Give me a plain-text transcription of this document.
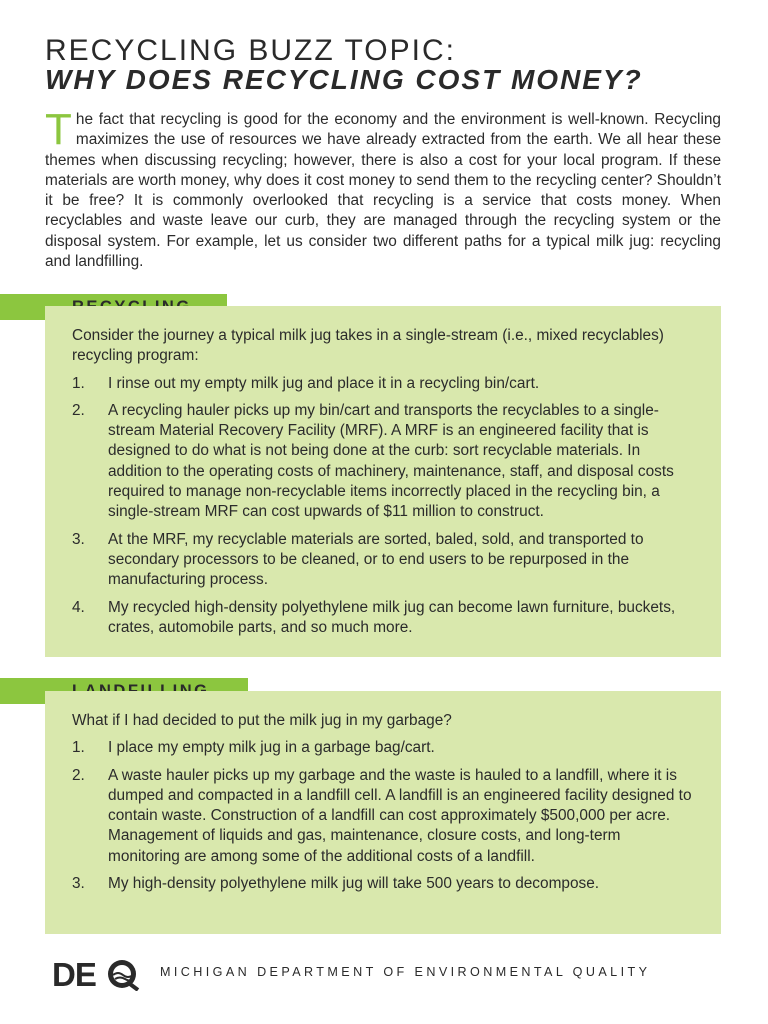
RECYCLING BUZZ TOPIC:
WHY DOES RECYCLING COST MONEY?

The fact that recycling is good for the economy and the environment is well-known. Recycling maximizes the use of resources we have already extracted from the earth. We all hear these themes when discussing recycling; however, there is also a cost for your local program. If these materials are worth money, why does it cost money to send them to the recycling center? Shouldn’t it be free? It is commonly overlooked that recycling is a service that costs money. When recyclables and waste leave our curb, they are managed through the recycling system or the disposal system. For example, let us consider two different paths for a typical milk jug: recycling and landfilling.

Consider the journey a typical milk jug takes in a single-stream (i.e., mixed recyclables) recycling program:

1. I rinse out my empty milk jug and place it in a recycling bin/cart.
2. A recycling hauler picks up my bin/cart and transports the recyclables to a single-stream Material Recovery Facility (MRF). A MRF is an engineered facility that is designed to do what is not being done at the curb: sort recyclable materials. In addition to the operating costs of machinery, maintenance, staff, and disposal costs required to manage non-recyclable items incorrectly placed in the recycling bin, a single-stream MRF can cost upwards of $11 million to construct.
3. At the MRF, my recyclable materials are sorted, baled, sold, and transported to secondary processors to be cleaned, or to end users to be repurposed in the manufacturing process.
4. My recycled high-density polyethylene milk jug can become lawn furniture, buckets, crates, automobile parts, and so much more.

What if I had decided to put the milk jug in my garbage?

1. I place my empty milk jug in a garbage bag/cart.
2. A waste hauler picks up my garbage and the waste is hauled to a landfill, where it is dumped and compacted in a landfill cell. A landfill is an engineered facility designed to contain waste. Construction of a landfill can cost approximately $500,000 per acre. Management of liquids and gas, maintenance, closure costs, and long-term monitoring are among some of the additional costs of a landfill.
3. My high-density polyethylene milk jug will take 500 years to decompose.
DE	MICHIGAN DEPARTMENT OF ENVIRONMENTAL QUALITY
